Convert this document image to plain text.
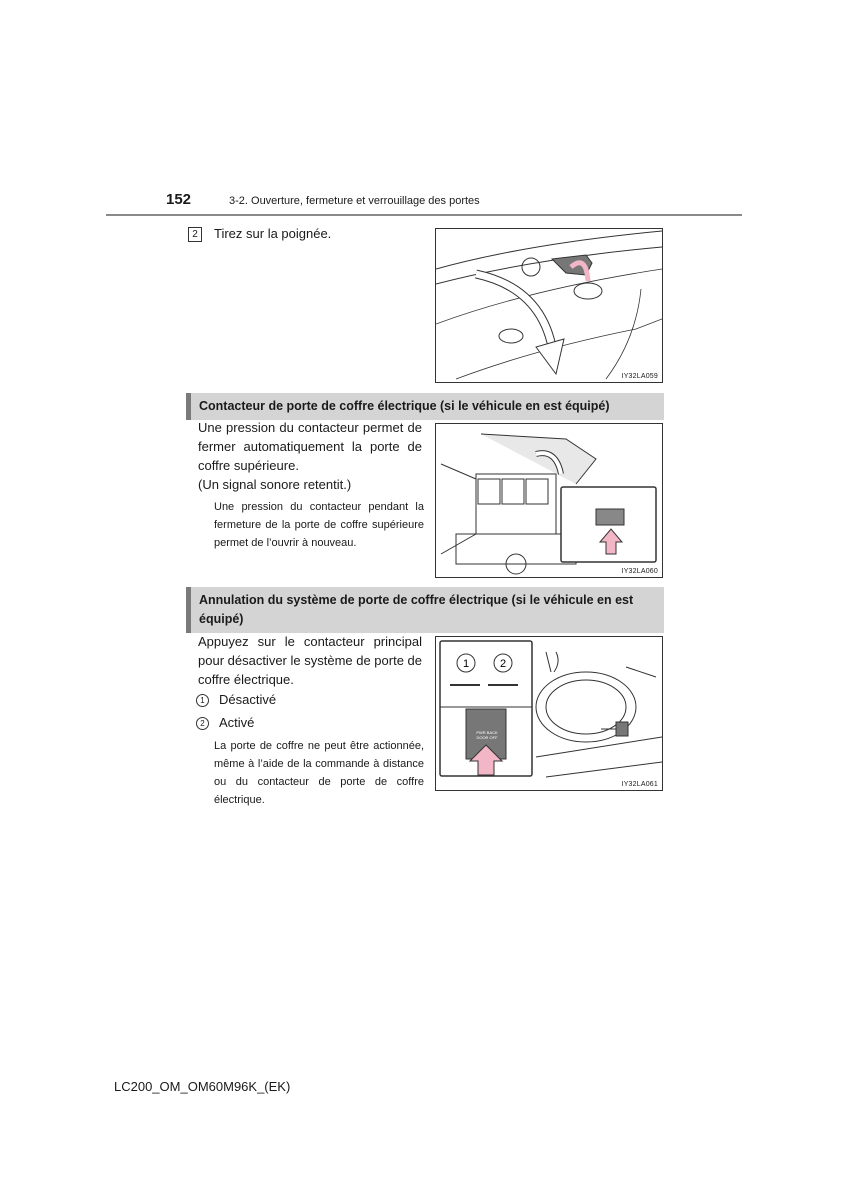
152	3-2. Ouverture, fermeture et verrouillage des portes
2	Tirez sur la poignée.
IY32LA059
Contacteur de porte de coffre électrique (si le véhicule en est équipé)
Une pression du contacteur permet de fermer automatiquement la porte de coffre supérieure.
(Un signal sonore retentit.)
Une pression du contacteur pendant la fermeture de la porte de coffre supérieure permet de l’ouvrir à nouveau.
IY32LA060
Annulation du système de porte de coffre électrique (si le véhicule en est équipé)
Appuyez sur le contacteur principal pour désactiver le système de porte de coffre électrique.
1 Désactivé
2 Activé
La porte de coffre ne peut être actionnée, même à l’aide de la commande à distance ou du contacteur de porte de coffre électrique.
1	2
PWR BACK DOOR OFF
IY32LA061
LC200_OM_OM60M96K_(EK)
